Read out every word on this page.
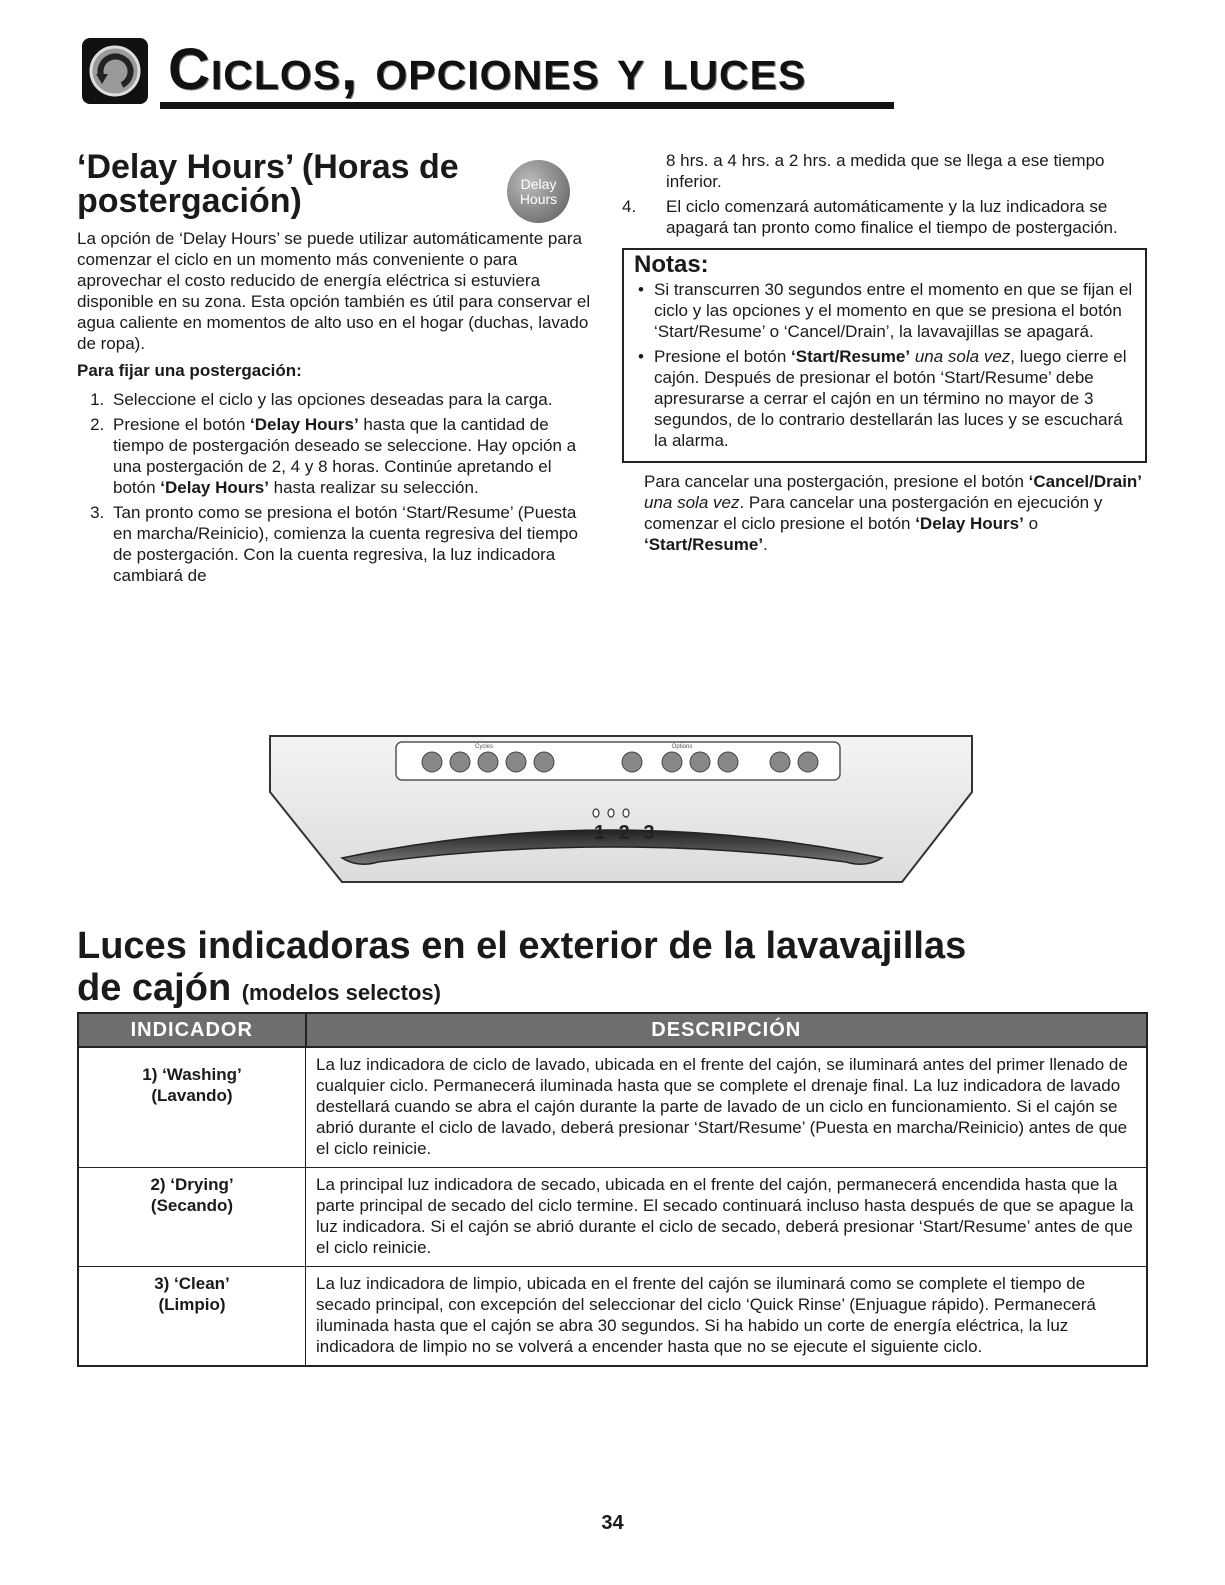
Ciclos, opciones y luces
‘Delay Hours’ (Horas de postergación)	Delay
Hours

La opción de ‘Delay Hours’ se puede utilizar automáticamente para comenzar el ciclo en un momento más conveniente o para aprovechar el costo reducido de energía eléctrica si estuviera disponible en su zona. Esta opción también es útil para conservar el agua caliente en momentos de alto uso en el hogar (duchas, lavado de ropa).

Para fijar una postergación:

1. Seleccione el ciclo y las opciones deseadas para la carga.
2. Presione el botón ‘Delay Hours’ hasta que la cantidad de tiempo de postergación deseado se seleccione. Hay opción a una postergación de 2, 4 y 8 horas. Continúe apretando el botón ‘Delay Hours’ hasta realizar su selección.
3. Tan pronto como se presiona el botón ‘Start/Resume’ (Puesta en marcha/Reinicio), comienza la cuenta regresiva del tiempo de postergación. Con la cuenta regresiva, la luz indicadora cambiará de
8 hrs. a 4 hrs. a 2 hrs. a medida que se llega a ese tiempo inferior.
4. El ciclo comenzará automáticamente y la luz indicadora se apagará tan pronto como finalice el tiempo de postergación.

Notas:

• Si transcurren 30 segundos entre el momento en que se fijan el ciclo y las opciones y el momento en que se presiona el botón ‘Start/Resume’ o ‘Cancel/Drain’, la lavavajillas se apagará.
• Presione el botón ‘Start/Resume’ una sola vez, luego cierre el cajón. Después de presionar el botón ‘Start/Resume’ debe apresurarse a cerrar el cajón en un término no mayor de 3 segundos, de lo contrario destellarán las luces y se escuchará la alarma.

Para cancelar una postergación, presione el botón ‘Cancel/Drain’ una sola vez. Para cancelar una postergación en ejecución y comenzar el ciclo presione el botón ‘Delay Hours’ o ‘Start/Resume’.

Cycles	Options
1 2 3
Luces indicadoras en el exterior de la lavavajillas
de cajón (modelos selectos)
INDICADOR	DESCRIPCIÓN
1) ‘Washing’
(Lavando)	La luz indicadora de ciclo de lavado, ubicada en el frente del cajón, se iluminará antes del primer llenado de cualquier ciclo. Permanecerá iluminada hasta que se complete el drenaje final. La luz indicadora de lavado destellará cuando se abra el cajón durante la parte de lavado de un ciclo en funcionamiento. Si el cajón se abrió durante el ciclo de lavado, deberá presionar ‘Start/Resume’ (Puesta en marcha/Reinicio) antes de que el ciclo reinicie.
2) ‘Drying’
(Secando)	La principal luz indicadora de secado, ubicada en el frente del cajón, permanecerá encendida hasta que la parte principal de secado del ciclo termine. El secado continuará incluso hasta después de que se apague la luz indicadora. Si el cajón se abrió durante el ciclo de secado, deberá presionar ‘Start/Resume’ antes de que el ciclo reinicie.
3) ‘Clean’
(Limpio)	La luz indicadora de limpio, ubicada en el frente del cajón se iluminará como se complete el tiempo de secado principal, con excepción del seleccionar del ciclo ‘Quick Rinse’ (Enjuague rápido). Permanecerá iluminada hasta que el cajón se abra 30 segundos. Si ha habido un corte de energía eléctrica, la luz indicadora de limpio no se volverá a encender hasta que no se ejecute el siguiente ciclo.
34
